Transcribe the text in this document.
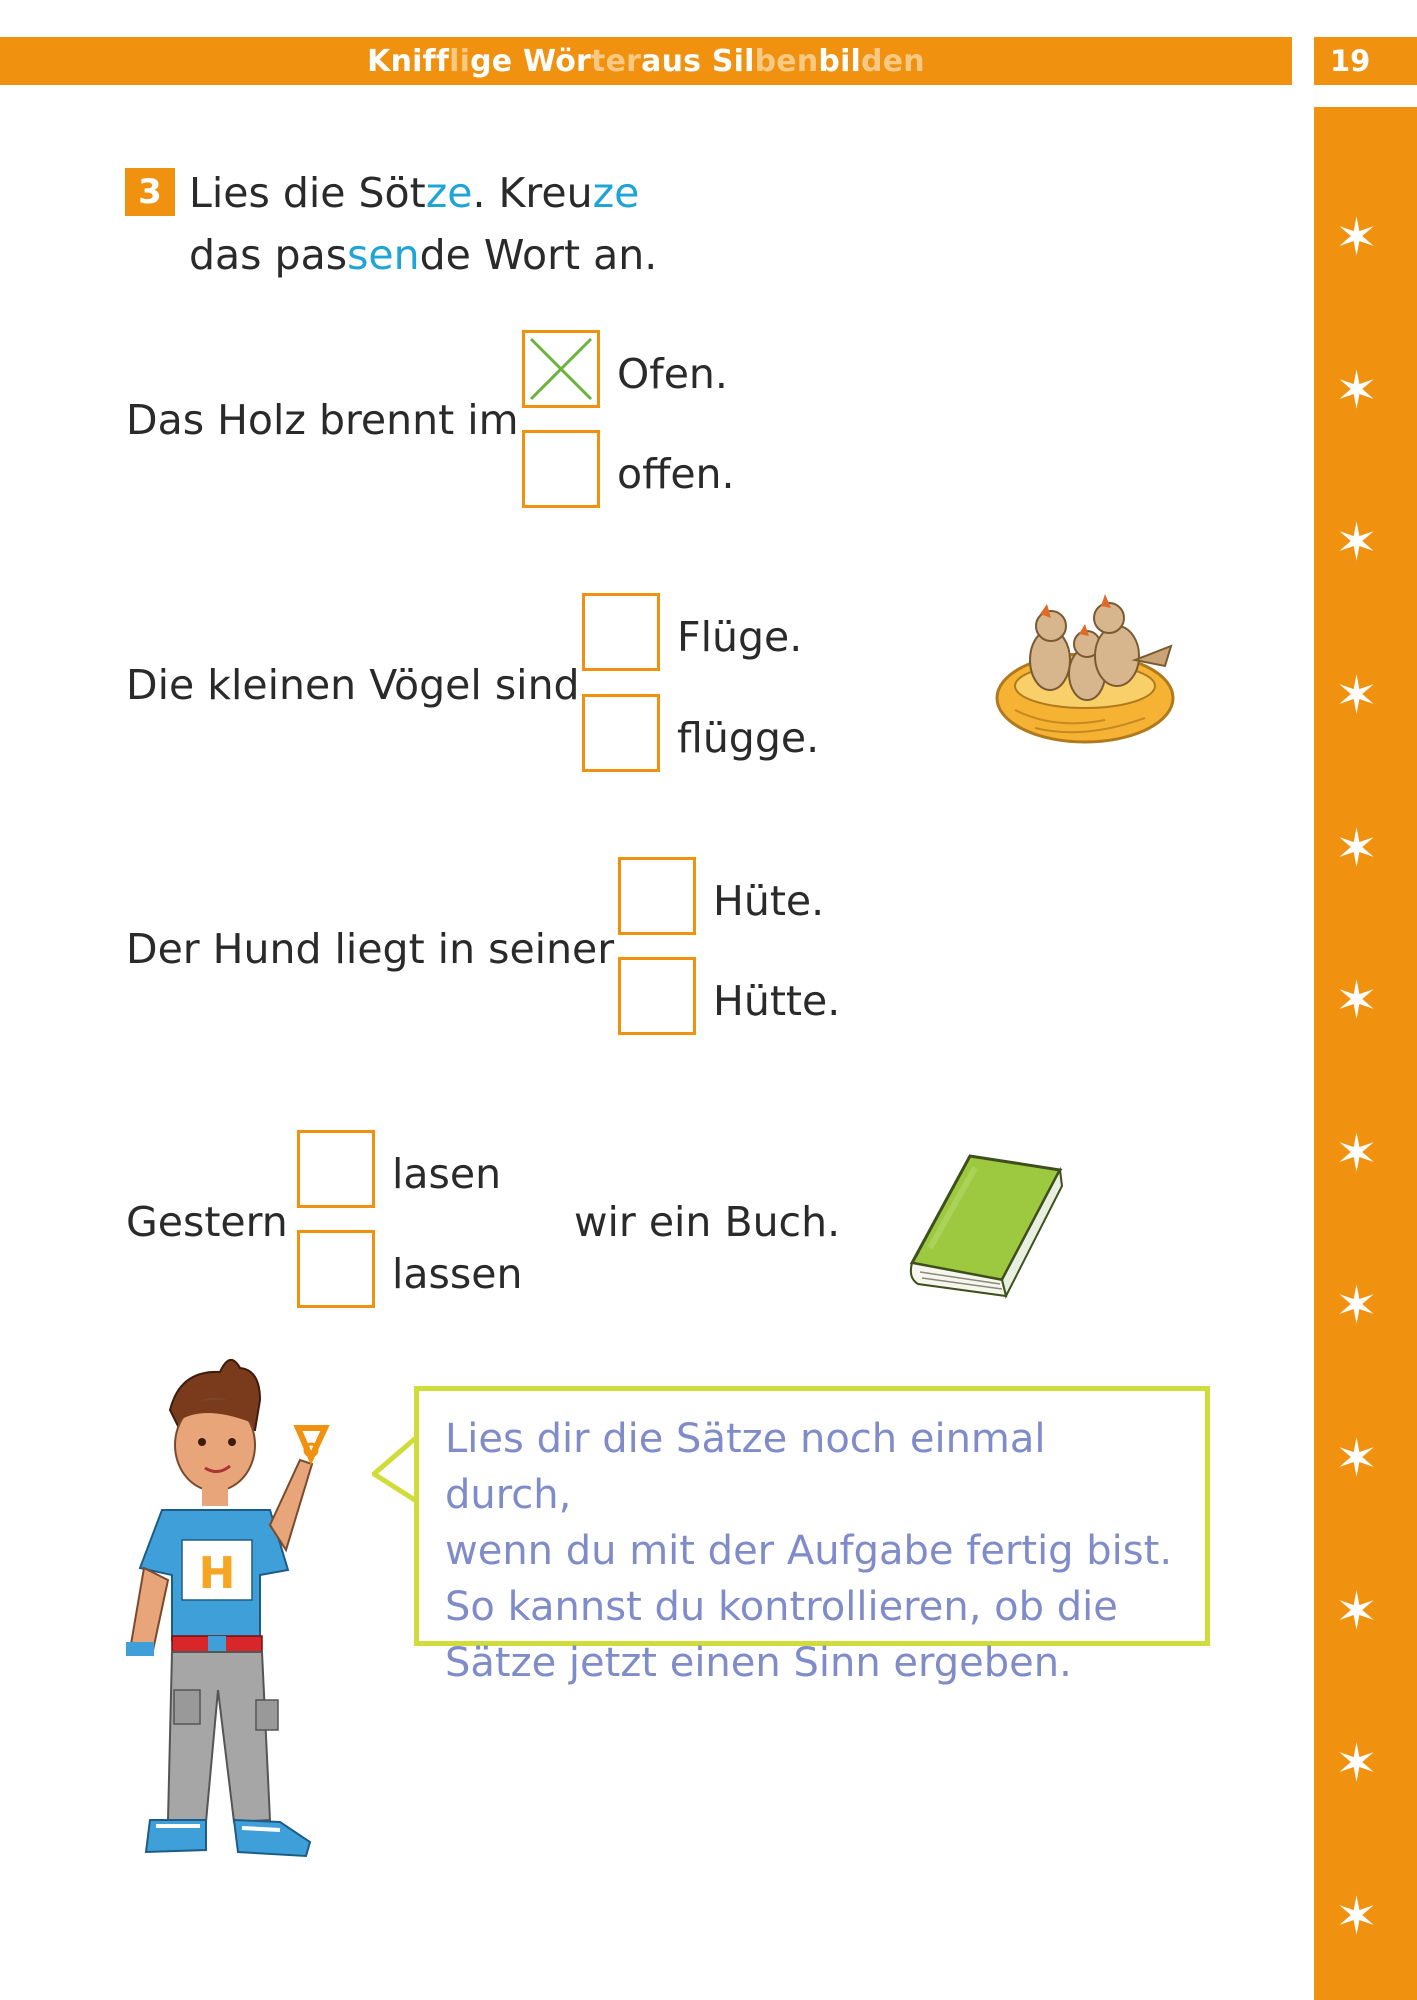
Kniff li ge Wör ter aus Sil ben bil den	19
✶
✶
✶
✶
✶
✶
✶
✶
✶
✶
✶
✶
3 Lies die Sötze. Kreuze
das passende Wort an.
Das Holz brennt im
Ofen.
offen.
Die kleinen Vögel sind
Flüge.
flügge.
Der Hund liegt in seiner
Hüte.
Hütte.
Gestern
lasen
lassen
wir ein Buch.
Lies dir die Sätze noch einmal durch,
wenn du mit der Aufgabe fertig bist.
So kannst du kontrollieren, ob die
Sätze jetzt einen Sinn ergeben.
H
